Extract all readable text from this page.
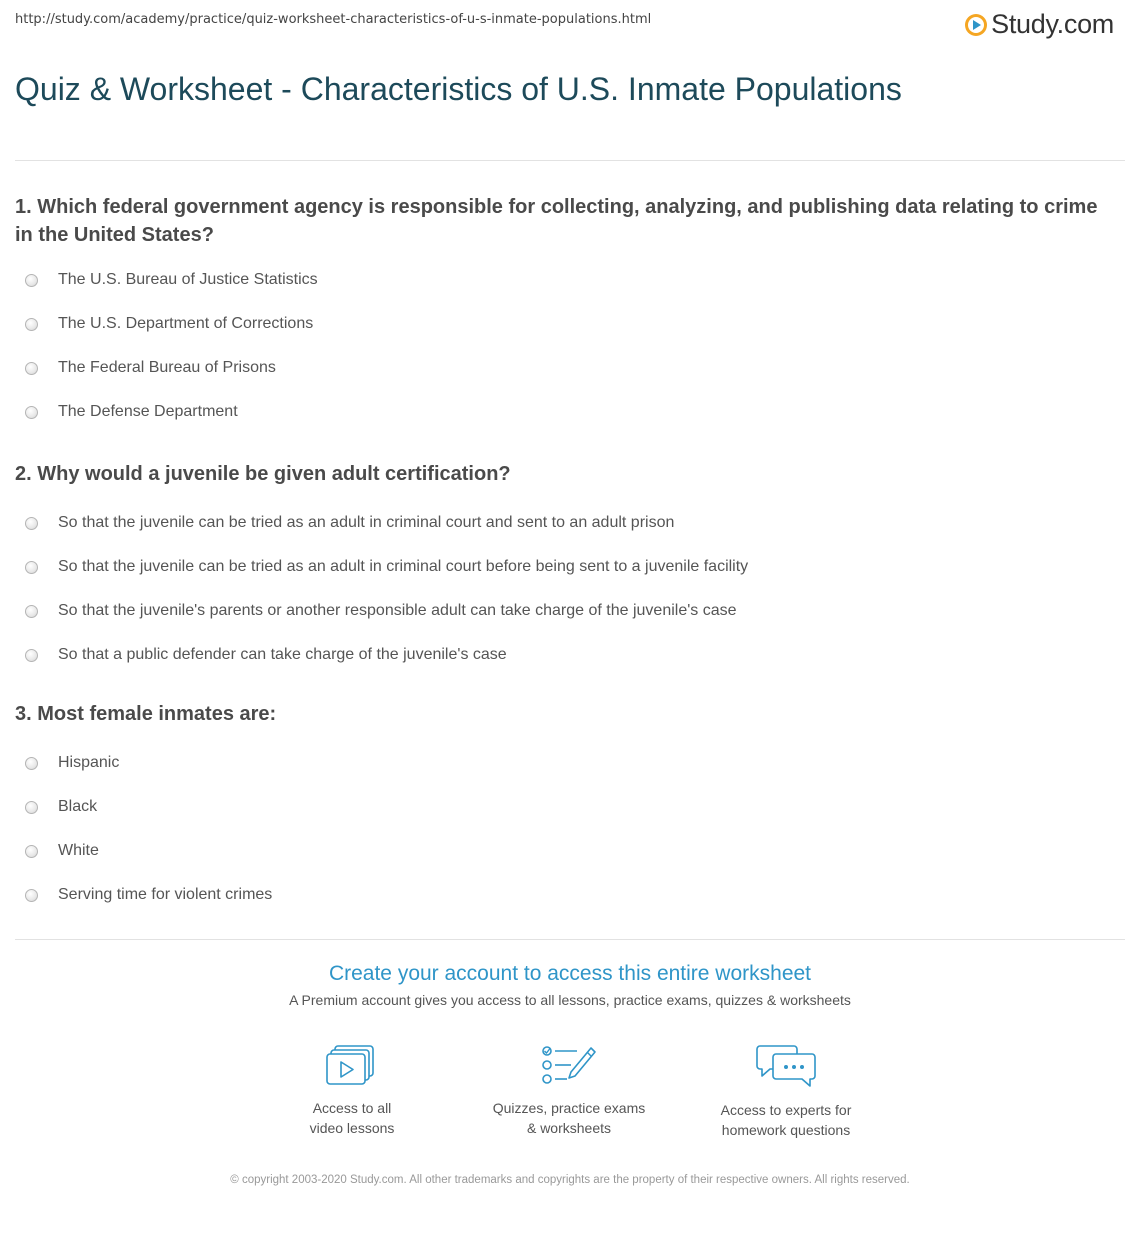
http://study.com/academy/practice/quiz-worksheet-characteristics-of-u-s-inmate-populations.html	Study.com
Quiz & Worksheet - Characteristics of U.S. Inmate Populations

1. Which federal government agency is responsible for collecting, analyzing, and publishing data relating to crime in the United States?

The U.S. Bureau of Justice Statistics
The U.S. Department of Corrections
The Federal Bureau of Prisons
The Defense Department

2. Why would a juvenile be given adult certification?

So that the juvenile can be tried as an adult in criminal court and sent to an adult prison
So that the juvenile can be tried as an adult in criminal court before being sent to a juvenile facility
So that the juvenile's parents or another responsible adult can take charge of the juvenile's case
So that a public defender can take charge of the juvenile's case

3. Most female inmates are:

Hispanic
Black
White
Serving time for violent crimes
Create your account to access this entire worksheet
A Premium account gives you access to all lessons, practice exams, quizzes & worksheets
Access to all
video lessons
Quizzes, practice exams
& worksheets
Access to experts for
homework questions
© copyright 2003-2020 Study.com. All other trademarks and copyrights are the property of their respective owners. All rights reserved.
